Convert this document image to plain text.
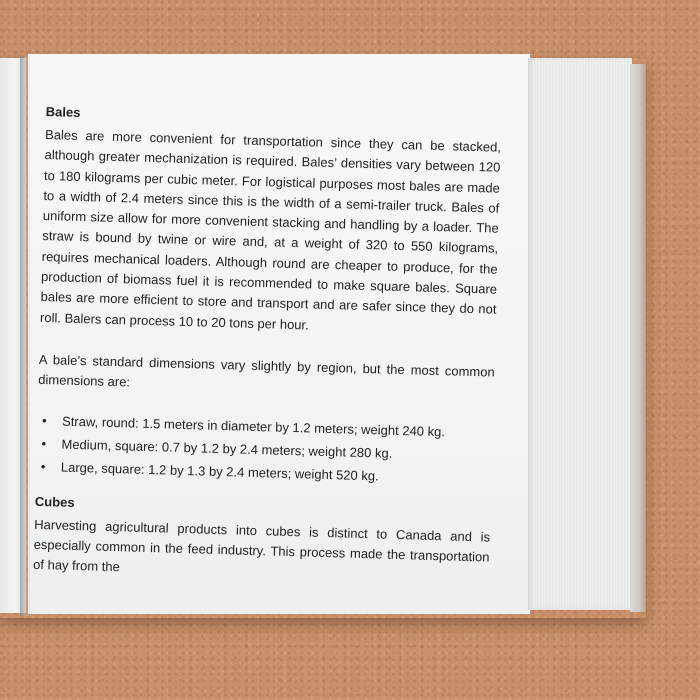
Bales

Bales are more convenient for transportation since they can be stacked, although greater mechanization is required. Bales’ densities vary between 120 to 180 kilograms per cubic meter. For logistical purposes most bales are made to a width of 2.4 meters since this is the width of a semi-trailer truck. Bales of uniform size allow for more convenient stacking and handling by a loader. The straw is bound by twine or wire and, at a weight of 320 to 550 kilograms, requires mechanical loaders. Although round are cheaper to produce, for the production of biomass fuel it is recommended to make square bales. Square bales are more efficient to store and transport and are safer since they do not roll. Balers can process 10 to 20 tons per hour.

A bale’s standard dimensions vary slightly by region, but the most common dimensions are:

• Straw, round: 1.5 meters in diameter by 1.2 meters; weight 240 kg.
• Medium, square: 0.7 by 1.2 by 2.4 meters; weight 280 kg.
• Large, square: 1.2 by 1.3 by 2.4 meters; weight 520 kg.
Cubes

Harvesting agricultural products into cubes is distinct to Canada and is especially common in the feed industry. This process made the transportation of hay from the
